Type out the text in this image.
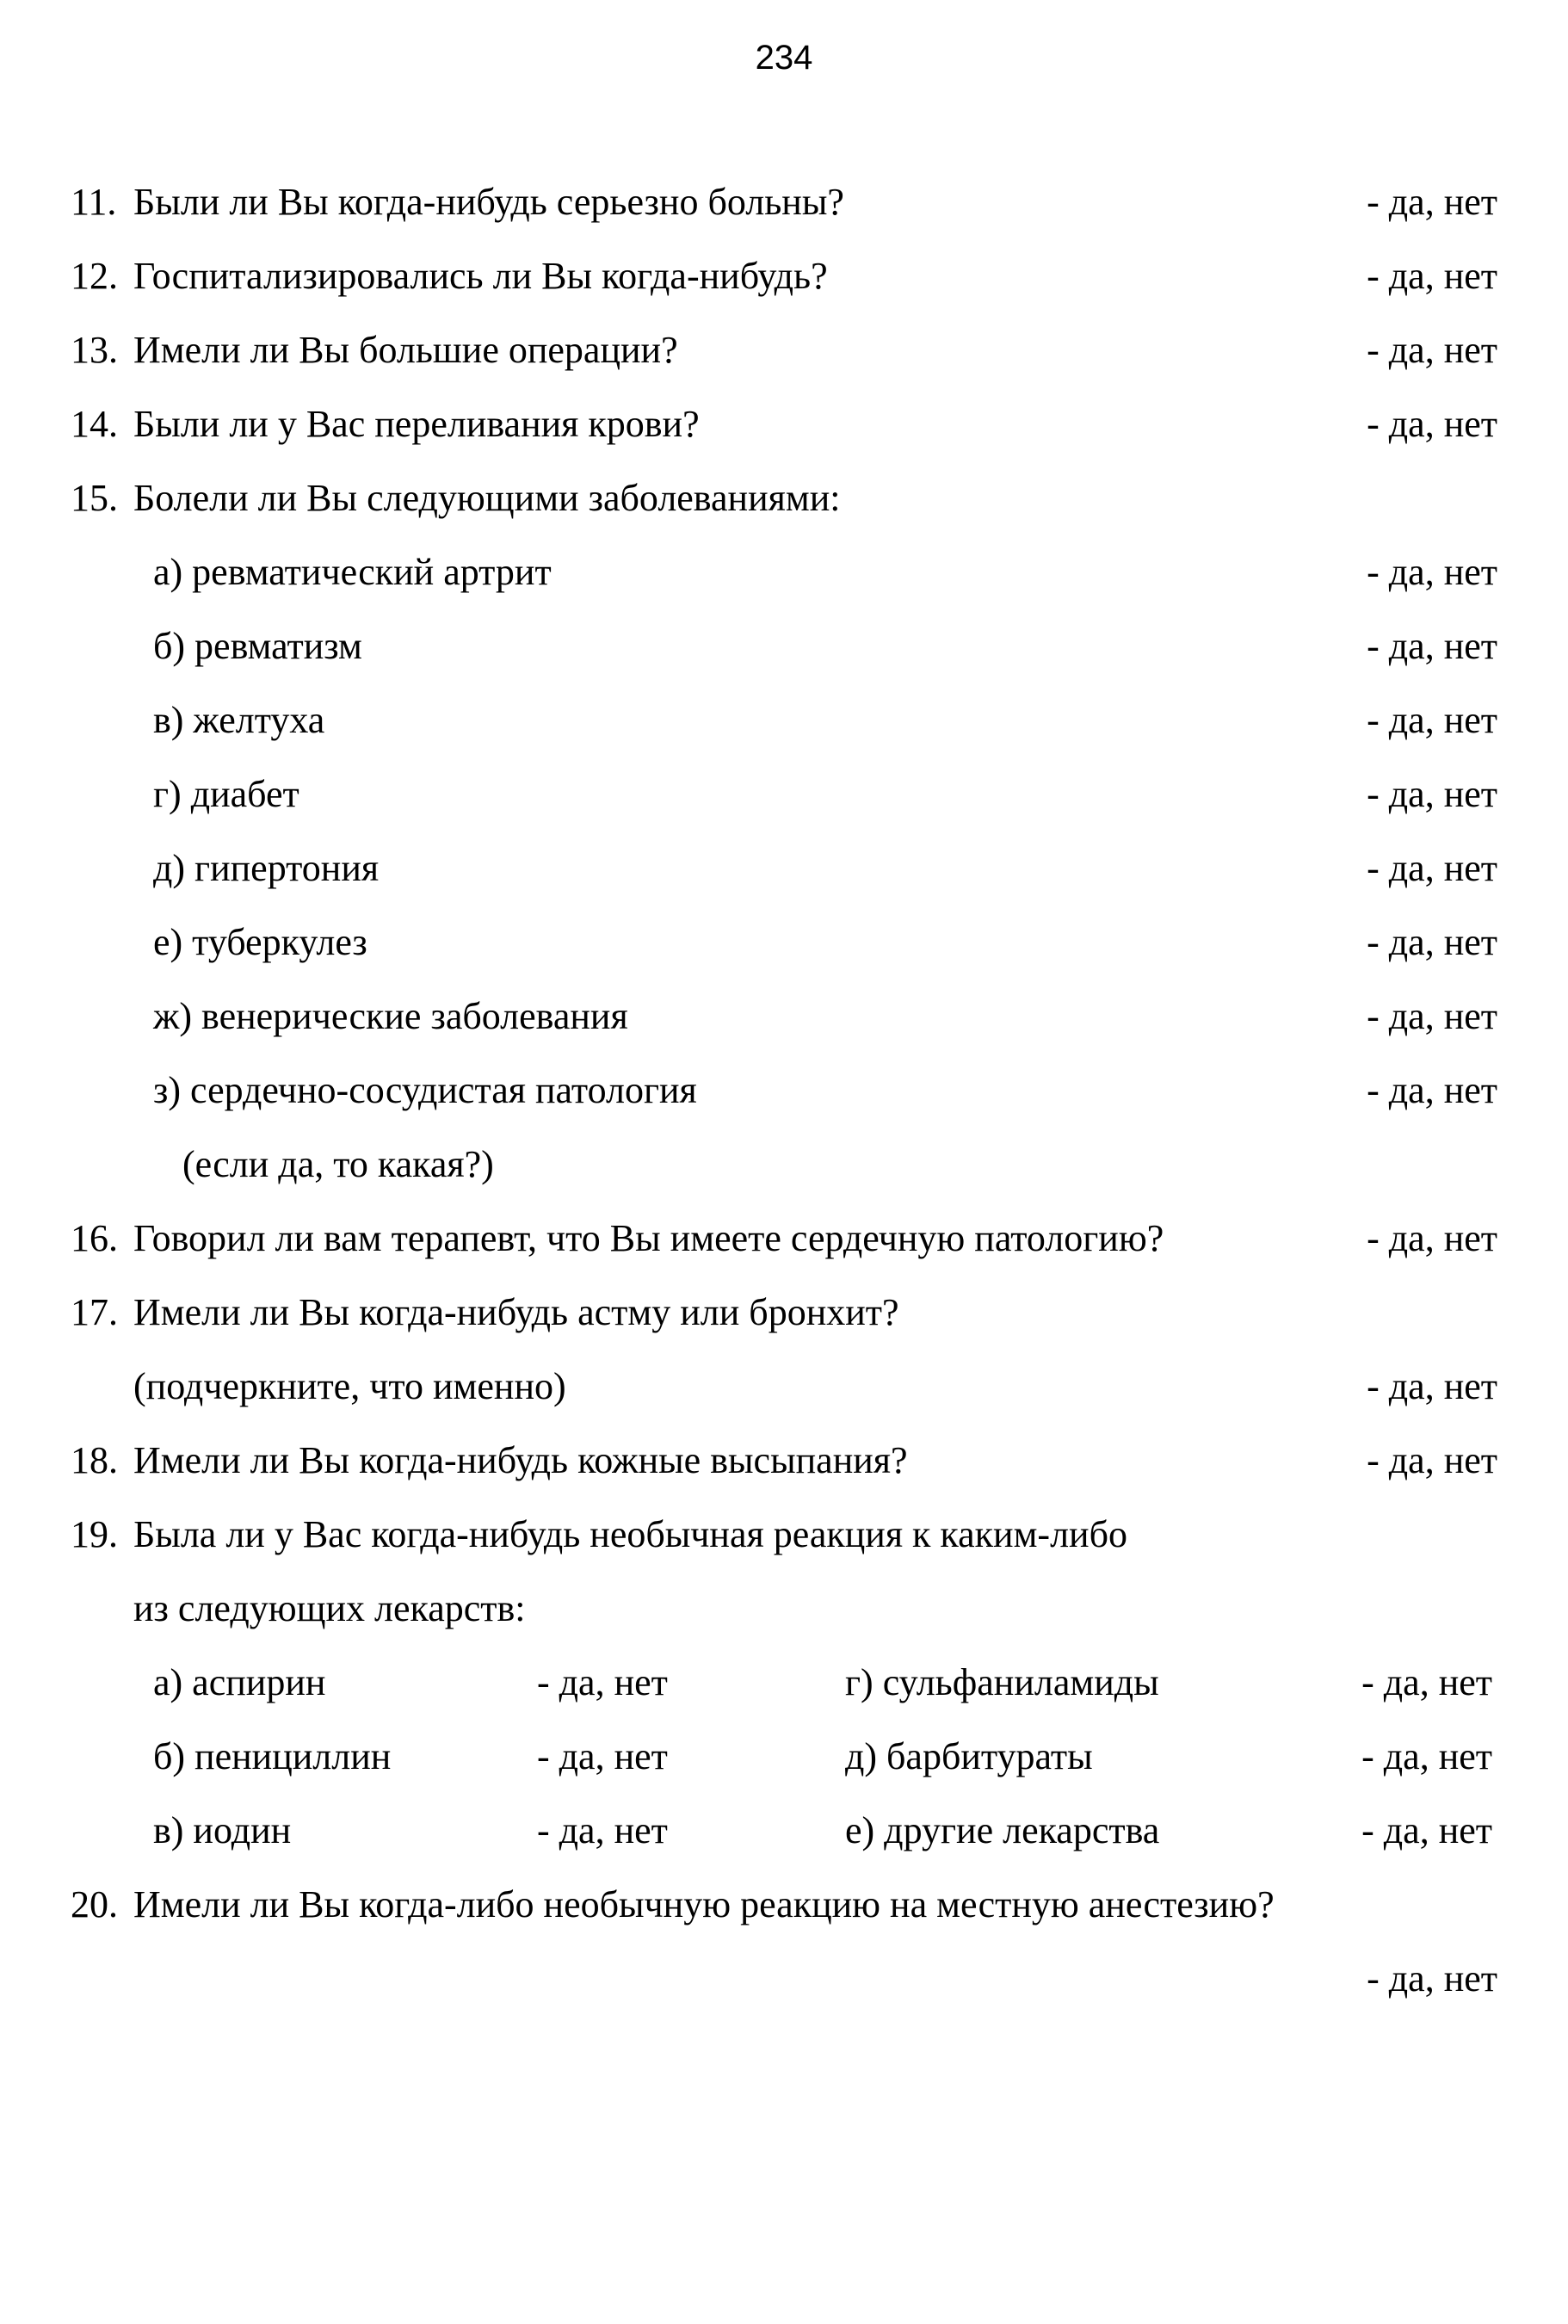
234
11. Были ли Вы когда-нибудь серьезно больны?	- да, нет
12. Госпитализировались ли Вы когда-нибудь?	- да, нет
13. Имели ли Вы большие операции?	- да, нет
14. Были ли у Вас переливания крови?	- да, нет
15. Болели ли Вы следующими заболеваниями:
а) ревматический артрит	- да, нет
б) ревматизм	- да, нет
в) желтуха	- да, нет
г) диабет	- да, нет
д) гипертония	- да, нет
е) туберкулез	- да, нет
ж) венерические заболевания	- да, нет
з) сердечно-сосудистая патология	- да, нет
(если да, то какая?)
16. Говорил ли вам терапевт, что Вы имеете сердечную патологию?	- да, нет
17. Имели ли Вы когда-нибудь астму или бронхит?
(подчеркните, что именно)	- да, нет
18. Имели ли Вы когда-нибудь кожные высыпания?	- да, нет
19. Была ли у Вас когда-нибудь необычная реакция к каким-либо
из следующих лекарств:
а) аспирин	- да, нет	г) сульфаниламиды	- да, нет
б) пенициллин	- да, нет	д) барбитураты	- да, нет
в) иодин	- да, нет	е) другие лекарства	- да, нет
20. Имели ли Вы когда-либо необычную реакцию на местную анестезию?
- да, нет
